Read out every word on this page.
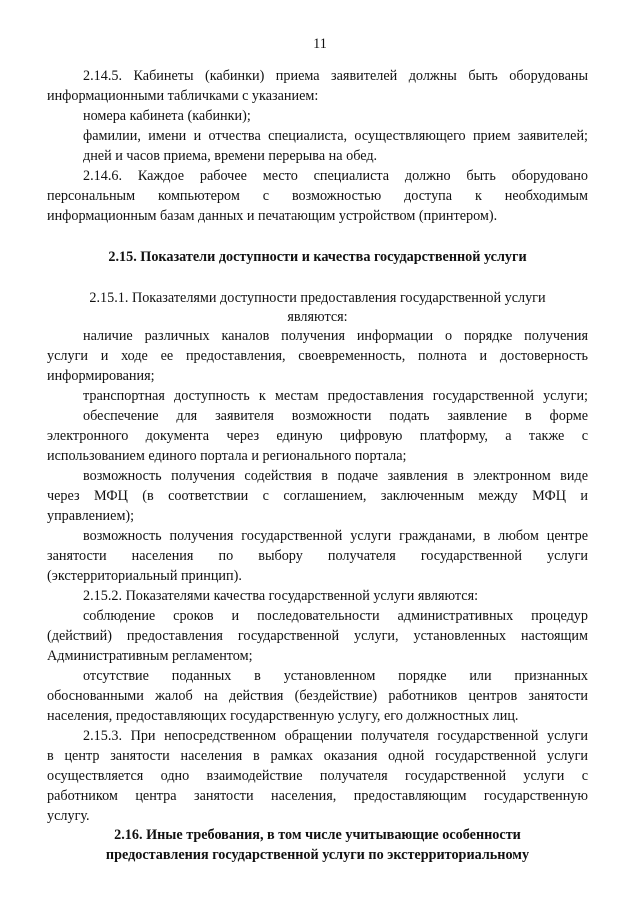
11
2.14.5. Кабинеты (кабинки) приема заявителей должны быть оборудованы
информационными табличками с указанием:
номера кабинета (кабинки);
фамилии, имени и отчества специалиста, осуществляющего прием заявителей;
дней и часов приема, времени перерыва на обед.
2.14.6. Каждое рабочее место специалиста должно быть оборудовано
персональным компьютером с возможностью доступа к необходимым
информационным базам данных и печатающим устройством (принтером).
2.15. Показатели доступности и качества государственной услуги
2.15.1. Показателями доступности предоставления государственной услуги
являются:
наличие различных каналов получения информации о порядке получения
услуги и ходе ее предоставления, своевременность, полнота и достоверность
информирования;
транспортная доступность к местам предоставления государственной услуги;
обеспечение для заявителя возможности подать заявление в форме
электронного документа через единую цифровую платформу, а также с
использованием единого портала и регионального портала;
возможность получения содействия в подаче заявления в электронном виде
через МФЦ (в соответствии с соглашением, заключенным между МФЦ и
управлением);
возможность получения государственной услуги гражданами, в любом центре
занятости населения по выбору получателя государственной услуги
(экстерриториальный принцип).
2.15.2. Показателями качества государственной услуги являются:
соблюдение сроков и последовательности административных процедур
(действий) предоставления государственной услуги, установленных настоящим
Административным регламентом;
отсутствие поданных в установленном порядке или признанных
обоснованными жалоб на действия (бездействие) работников центров занятости
населения, предоставляющих государственную услугу, его должностных лиц.
2.15.3. При непосредственном обращении получателя государственной услуги
в центр занятости населения в рамках оказания одной государственной услуги
осуществляется одно взаимодействие получателя государственной услуги с
работником центра занятости населения, предоставляющим государственную
услугу.
2.16. Иные требования, в том числе учитывающие особенности
предоставления государственной услуги по экстерриториальному
